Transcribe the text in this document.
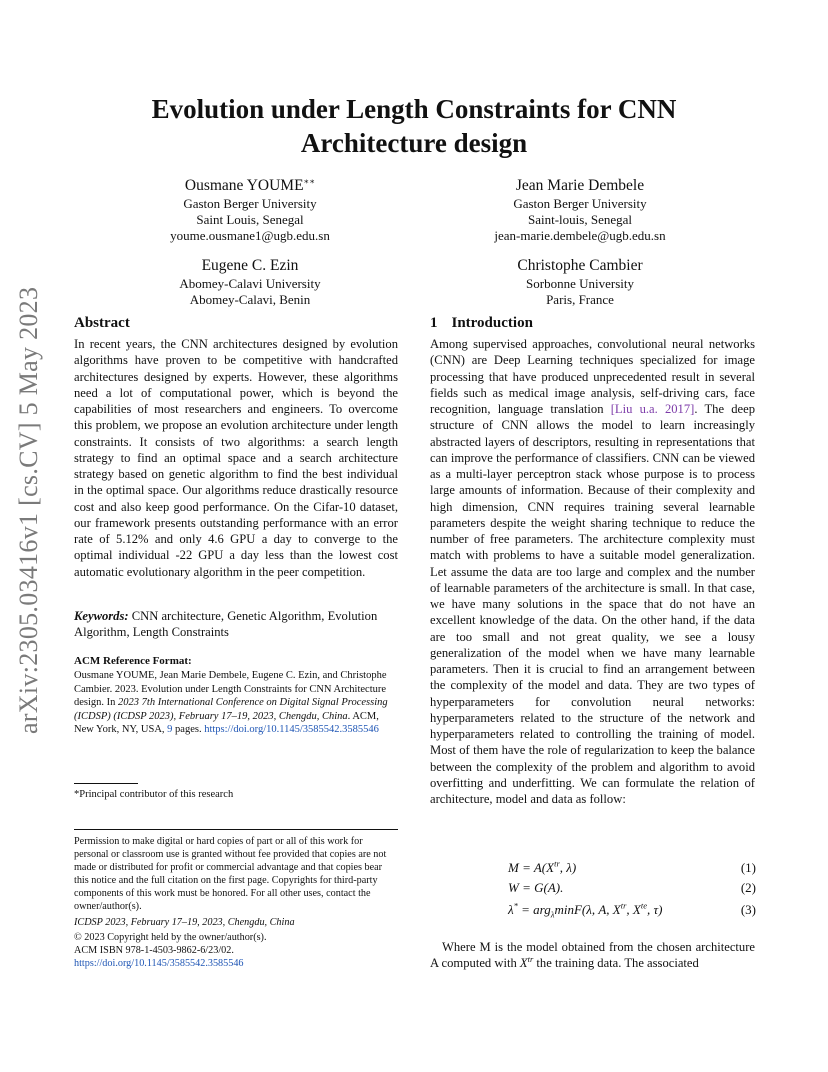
Evolution under Length Constraints for CNN
Architecture design
arXiv:2305.03416v1 [cs.CV] 5 May 2023
Ousmane YOUME∗∗
Gaston Berger University
Saint Louis, Senegal
youme.ousmane1@ugb.edu.sn
Jean Marie Dembele
Gaston Berger University
Saint-louis, Senegal
jean-marie.dembele@ugb.edu.sn
Eugene C. Ezin
Abomey-Calavi University
Abomey-Calavi, Benin
Christophe Cambier
Sorbonne University
Paris, France
Abstract
In recent years, the CNN architectures designed by evolution algorithms have proven to be competitive with handcrafted architectures designed by experts. However, these algorithms need a lot of computational power, which is beyond the capabilities of most researchers and engineers. To overcome this problem, we propose an evolution architecture under length constraints. It consists of two algorithms: a search length strategy to find an optimal space and a search architecture strategy based on genetic algorithm to find the best individual in the optimal space. Our algorithms reduce drastically resource cost and also keep good performance. On the Cifar-10 dataset, our framework presents outstanding performance with an error rate of 5.12% and only 4.6 GPU a day to converge to the optimal individual -22 GPU a day less than the lowest cost automatic evolutionary algorithm in the peer competition.
Keywords: CNN architecture, Genetic Algorithm, Evolution Algorithm, Length Constraints
ACM Reference Format:
Ousmane YOUME, Jean Marie Dembele, Eugene C. Ezin, and Christophe Cambier. 2023. Evolution under Length Constraints for CNN Architecture design. In 2023 7th International Conference on Digital Signal Processing (ICDSP) (ICDSP 2023), February 17–19, 2023, Chengdu, China. ACM, New York, NY, USA, 9 pages. https://doi.org/10.1145/3585542.3585546
*Principal contributor of this research
Permission to make digital or hard copies of part or all of this work for personal or classroom use is granted without fee provided that copies are not made or distributed for profit or commercial advantage and that copies bear this notice and the full citation on the first page. Copyrights for third-party components of this work must be honored. For all other uses, contact the owner/author(s).
ICDSP 2023, February 17–19, 2023, Chengdu, China
© 2023 Copyright held by the owner/author(s).
ACM ISBN 978-1-4503-9862-6/23/02.
https://doi.org/10.1145/3585542.3585546
1 Introduction
Among supervised approaches, convolutional neural networks (CNN) are Deep Learning techniques specialized for image processing that have produced unprecedented result in several fields such as medical image analysis, self-driving cars, face recognition, language translation [Liu u.a. 2017]. The deep structure of CNN allows the model to learn increasingly abstracted layers of descriptors, resulting in representations that can improve the performance of classifiers. CNN can be viewed as a multi-layer perceptron stack whose purpose is to process large amounts of information. Because of their complexity and high dimension, CNN requires training several learnable parameters despite the weight sharing technique to reduce the number of free parameters. The architecture complexity must match with problems to have a suitable model generalization. Let assume the data are too large and complex and the number of learnable parameters of the architecture is small. In that case, we have many solutions in the space that do not have an excellent knowledge of the data. On the other hand, if the data are too small and not great quality, we see a lousy generalization of the model when we have many learnable parameters. Then it is crucial to find an arrangement between the complexity of the model and data. They are two types of hyperparameters for convolution neural networks: hyperparameters related to the structure of the network and hyperparameters related to controlling the training of model. Most of them have the role of regularization to keep the balance between the complexity of the problem and algorithm to avoid overfitting and underfitting. We can formulate the relation of architecture, model and data as follow:
$M = A(X^{tr}$, λ)	(1)
W = G(A).	(2)
λ* = arg$_\lambda$minF(λ, A, $X^{tr}$, $X^{te}$, τ)	(3)
Where M is the model obtained from the chosen architecture A computed with $X^{tr}$ the training data. The associated
